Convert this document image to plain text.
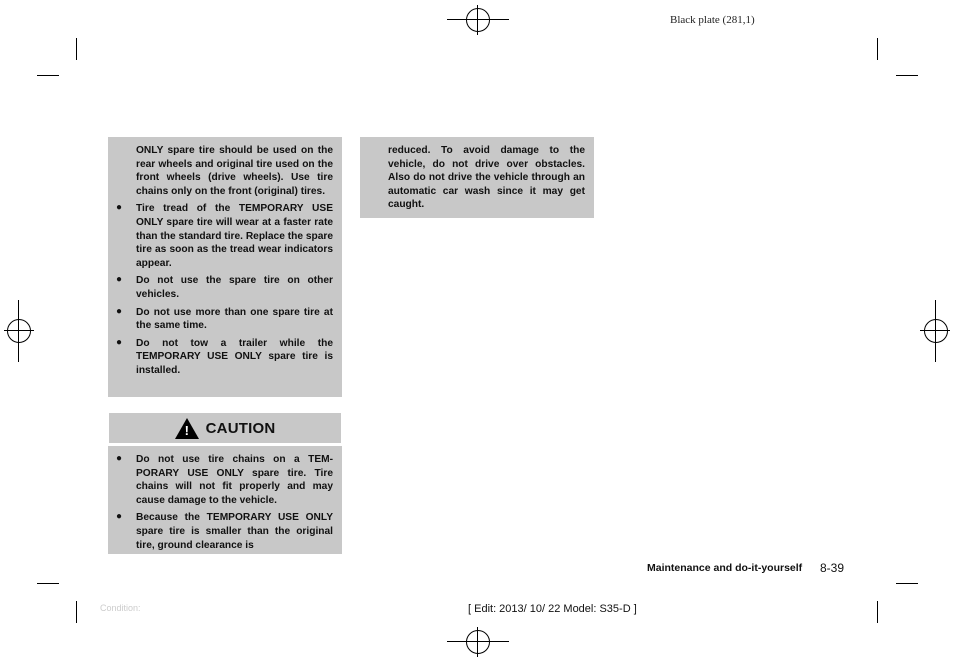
Black plate (281,1)

ONLY spare tire should be used on the rear wheels and original tire used on the front wheels (drive wheels). Use tire chains only on the front (original) tires.

● Tire tread of the TEMPORARY USE ONLY spare tire will wear at a faster rate than the standard tire. Replace the spare tire as soon as the tread wear indicators appear.

● Do not use the spare tire on other vehicles.

● Do not use more than one spare tire at the same time.

● Do not tow a trailer while the TEMPORARY USE ONLY spare tire is installed.

! CAUTION
● Do not use tire chains on a TEM-PORARY USE ONLY spare tire. Tire chains will not fit properly and may cause damage to the vehicle.

● Because the TEMPORARY USE ONLY spare tire is smaller than the original tire, ground clearance is

reduced. To avoid damage to the vehicle, do not drive over obstacles. Also do not drive the vehicle through an automatic car wash since it may get caught.

Maintenance and do-it-yourself 8-39
Condition:	[ Edit: 2013/ 10/ 22 Model: S35-D ]
